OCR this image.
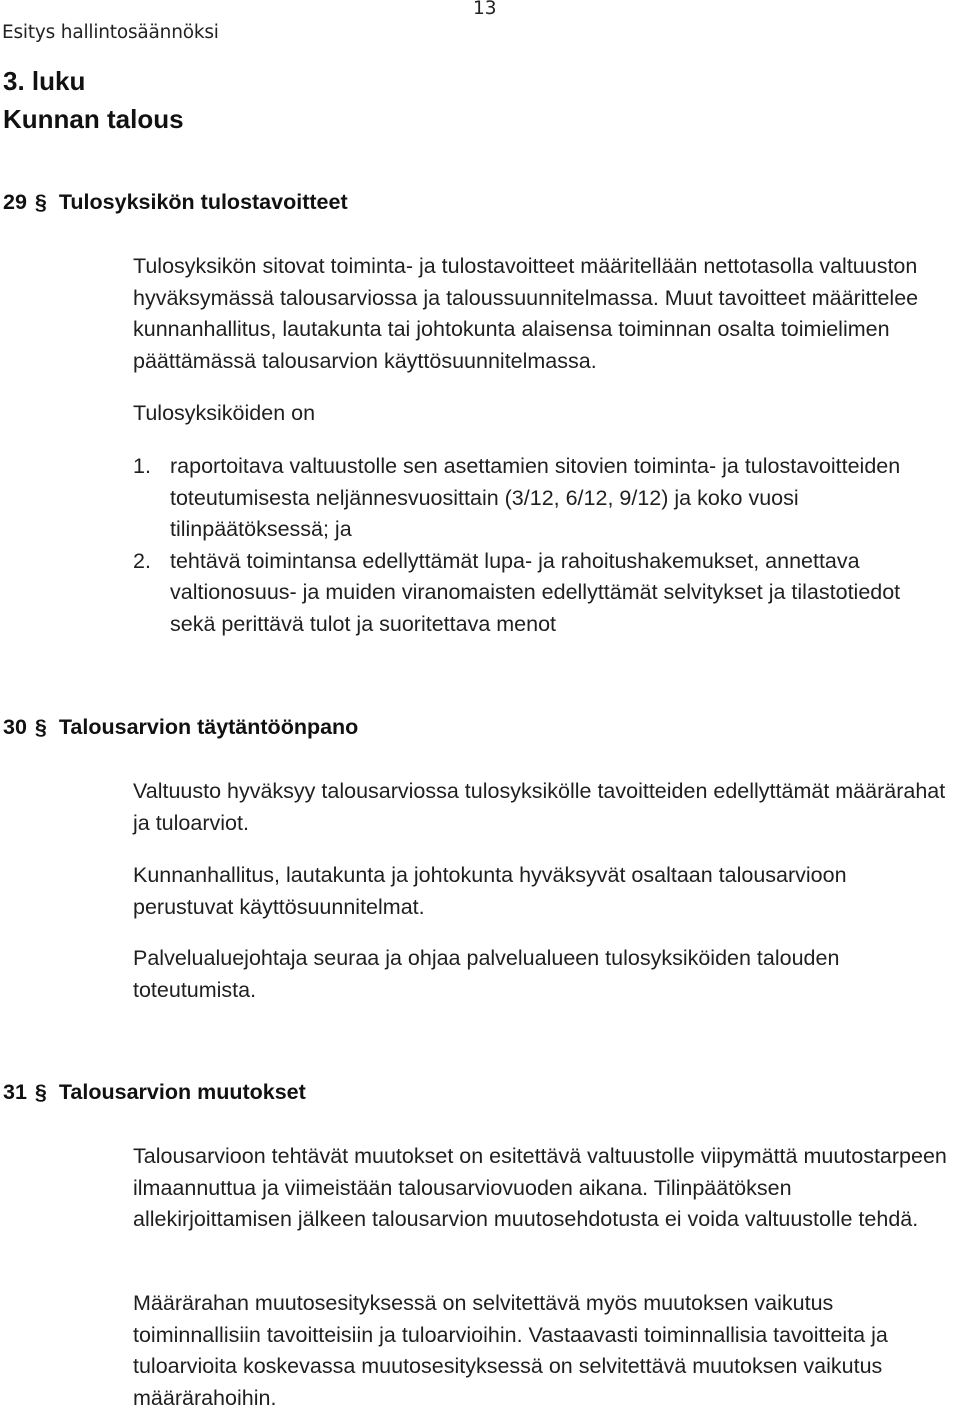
Esitys hallintosäännöksi
13
3. luku
Kunnan talous
29 § Tulosyksikön tulostavoitteet
Tulosyksikön sitovat toiminta- ja tulostavoitteet määritellään nettotasolla valtuuston hyväksymässä talousarviossa ja taloussuunnitelmassa. Muut tavoitteet määrittelee kunnanhallitus, lautakunta tai johtokunta alaisensa toiminnan osalta toimielimen päättämässä talousarvion käyttösuunnitelmassa.
Tulosyksiköiden on
1. raportoitava valtuustolle sen asettamien sitovien toiminta- ja tulostavoitteiden toteutumisesta neljännesvuosittain (3/12, 6/12, 9/12) ja koko vuosi tilinpäätöksessä; ja
2. tehtävä toimintansa edellyttämät lupa- ja rahoitushakemukset, annettava valtionosuus- ja muiden viranomaisten edellyttämät selvitykset ja tilastotiedot sekä perittävä tulot ja suoritettava menot
30 § Talousarvion täytäntöönpano
Valtuusto hyväksyy talousarviossa tulosyksikölle tavoitteiden edellyttämät määrärahat ja tuloarviot.
Kunnanhallitus, lautakunta ja johtokunta hyväksyvät osaltaan talousarvioon perustuvat käyttösuunnitelmat.
Palvelualuejohtaja seuraa ja ohjaa palvelualueen tulosyksiköiden talouden toteutumista.
31 § Talousarvion muutokset
Talousarvioon tehtävät muutokset on esitettävä valtuustolle viipymättä muutostarpeen ilmaannuttua ja viimeistään talousarviovuoden aikana. Tilinpäätöksen allekirjoittamisen jälkeen talousarvion muutosehdotusta ei voida valtuustolle tehdä.
Määrärahan muutosesityksessä on selvitettävä myös muutoksen vaikutus toiminnallisiin tavoitteisiin ja tuloarvioihin. Vastaavasti toiminnallisia tavoitteita ja tuloarvioita koskevassa muutosesityksessä on selvitettävä muutoksen vaikutus määrärahoihin.
